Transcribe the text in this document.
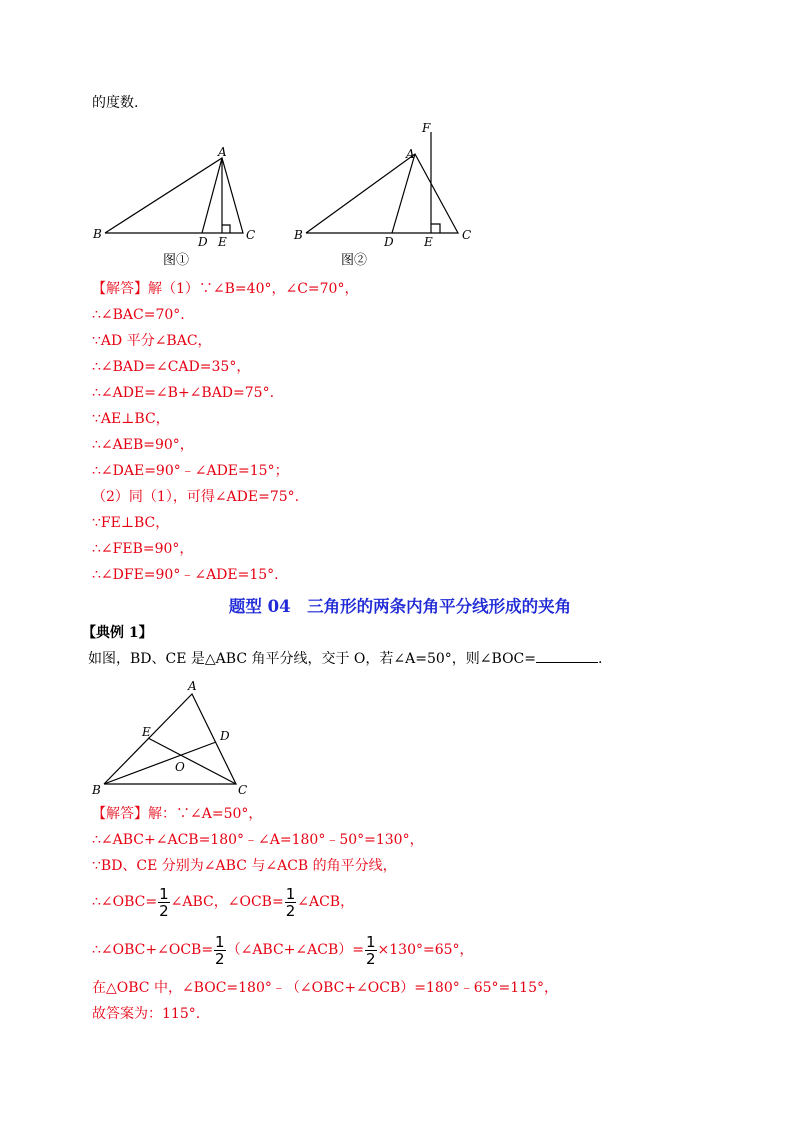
的度数.
A
B	C
D E
图①
F
A
B	C
D	E
图②
【解答】解（1）∵∠B=40°，∠C=70°，
∴∠BAC=70°.
∵AD 平分∠BAC，
∴∠BAD=∠CAD=35°，
∴∠ADE=∠B+∠BAD=75°.
∵AE⊥BC，
∴∠AEB=90°，
∴∠DAE=90°﹣∠ADE=15°；
（2）同（1），可得∠ADE=75°.
∵FE⊥BC，
∴∠FEB=90°，
∴∠DFE=90°﹣∠ADE=15°.
题型 04　三角形的两条内角平分线形成的夹角
【典例 1】
如图，BD、CE 是△ABC 角平分线，交于 O，若∠A=50°，则∠BOC=	.
A
B	C
D
E
O
【解答】解：∵∠A=50°，
∴∠ABC+∠ACB=180°﹣∠A=180°﹣50°=130°，
∵BD、CE 分别为∠ABC 与∠ACB 的角平分线，
∴∠OBC= $\frac{1}{2}$ ∠ABC，∠OCB= $\frac{1}{2}$ ∠ACB，
∴∠OBC+∠OCB= $\frac{1}{2}$ （∠ABC+∠ACB）= $\frac{1}{2} \times 130^\circ=65^\circ$，
在△OBC 中，∠BOC=180°﹣（∠OBC+∠OCB）=180°﹣65°=115°，
故答案为：115°.
